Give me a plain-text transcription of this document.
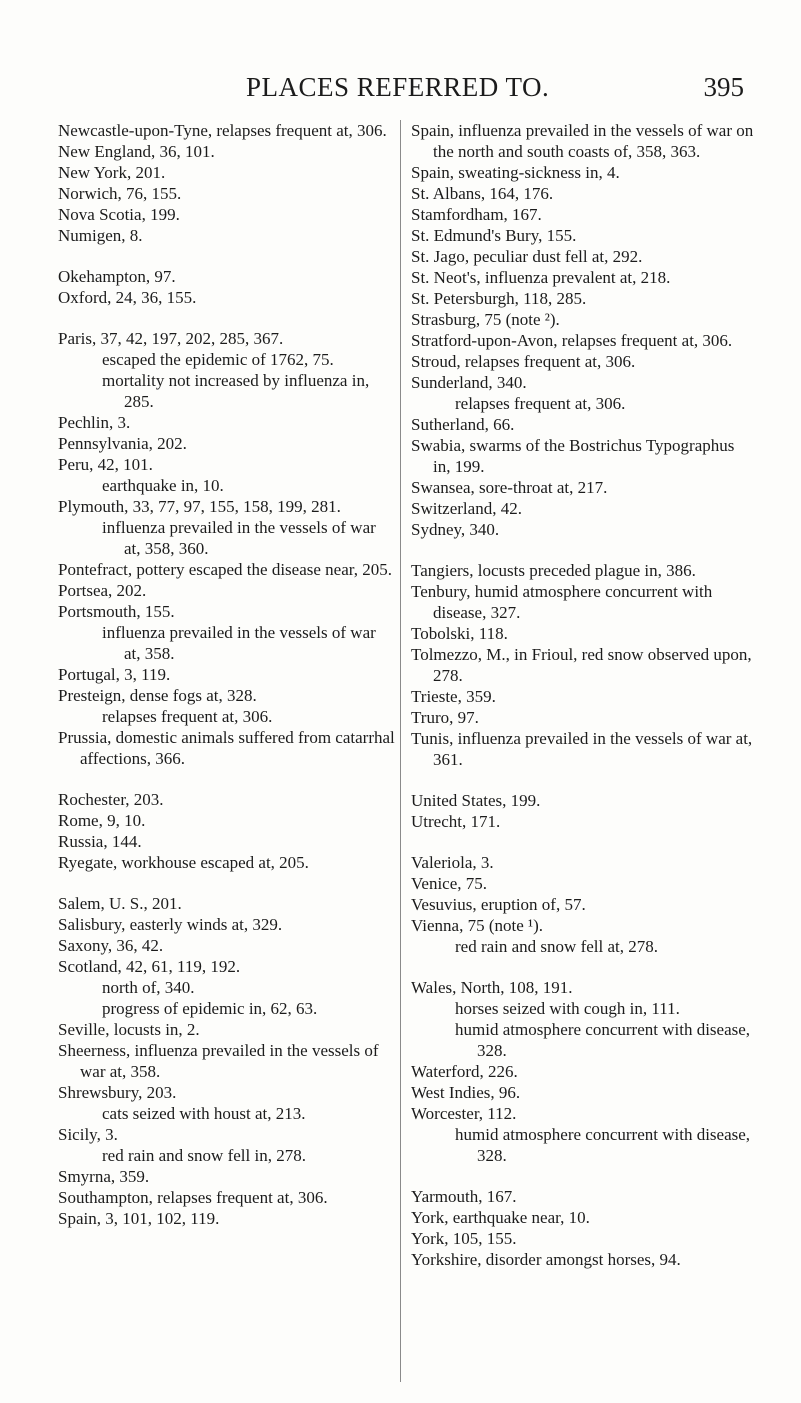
PLACES REFERRED TO.	395
Newcastle-upon-Tyne, relapses frequent at, 306.
New England, 36, 101.
New York, 201.
Norwich, 76, 155.
Nova Scotia, 199.
Numigen, 8.
Okehampton, 97.
Oxford, 24, 36, 155.
Paris, 37, 42, 197, 202, 285, 367.
escaped the epidemic of 1762, 75.
mortality not increased by influenza in, 285.
Pechlin, 3.
Pennsylvania, 202.
Peru, 42, 101.
earthquake in, 10.
Plymouth, 33, 77, 97, 155, 158, 199, 281.
influenza prevailed in the vessels of war at, 358, 360.
Pontefract, pottery escaped the disease near, 205.
Portsea, 202.
Portsmouth, 155.
influenza prevailed in the vessels of war at, 358.
Portugal, 3, 119.
Presteign, dense fogs at, 328.
relapses frequent at, 306.
Prussia, domestic animals suffered from catarrhal affections, 366.
Rochester, 203.
Rome, 9, 10.
Russia, 144.
Ryegate, workhouse escaped at, 205.
Salem, U. S., 201.
Salisbury, easterly winds at, 329.
Saxony, 36, 42.
Scotland, 42, 61, 119, 192.
north of, 340.
progress of epidemic in, 62, 63.
Seville, locusts in, 2.
Sheerness, influenza prevailed in the vessels of war at, 358.
Shrewsbury, 203.
cats seized with houst at, 213.
Sicily, 3.
red rain and snow fell in, 278.
Smyrna, 359.
Southampton, relapses frequent at, 306.
Spain, 3, 101, 102, 119.
Spain, influenza prevailed in the vessels of war on the north and south coasts of, 358, 363.
Spain, sweating-sickness in, 4.
St. Albans, 164, 176.
Stamfordham, 167.
St. Edmund's Bury, 155.
St. Jago, peculiar dust fell at, 292.
St. Neot's, influenza prevalent at, 218.
St. Petersburgh, 118, 285.
Strasburg, 75 (note ²).
Stratford-upon-Avon, relapses frequent at, 306.
Stroud, relapses frequent at, 306.
Sunderland, 340.
relapses frequent at, 306.
Sutherland, 66.
Swabia, swarms of the Bostrichus Typographus in, 199.
Swansea, sore-throat at, 217.
Switzerland, 42.
Sydney, 340.
Tangiers, locusts preceded plague in, 386.
Tenbury, humid atmosphere concurrent with disease, 327.
Tobolski, 118.
Tolmezzo, M., in Frioul, red snow observed upon, 278.
Trieste, 359.
Truro, 97.
Tunis, influenza prevailed in the vessels of war at, 361.
United States, 199.
Utrecht, 171.
Valeriola, 3.
Venice, 75.
Vesuvius, eruption of, 57.
Vienna, 75 (note ¹).
red rain and snow fell at, 278.
Wales, North, 108, 191.
horses seized with cough in, 111.
humid atmosphere concurrent with disease, 328.
Waterford, 226.
West Indies, 96.
Worcester, 112.
humid atmosphere concurrent with disease, 328.
Yarmouth, 167.
York, earthquake near, 10.
York, 105, 155.
Yorkshire, disorder amongst horses, 94.
